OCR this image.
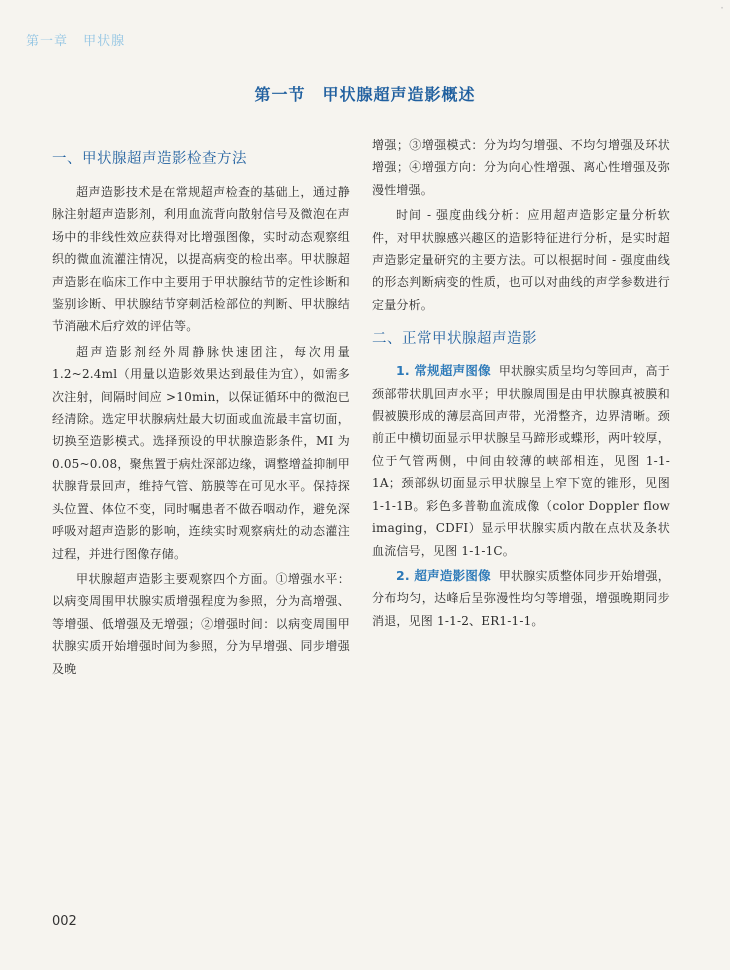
·
第一章 甲状腺
第一节　甲状腺超声造影概述
一、甲状腺超声造影检查方法

超声造影技术是在常规超声检查的基础上，通过静脉注射超声造影剂，利用血流背向散射信号及微泡在声场中的非线性效应获得对比增强图像，实时动态观察组织的微血流灌注情况，以提高病变的检出率。甲状腺超声造影在临床工作中主要用于甲状腺结节的定性诊断和鉴别诊断、甲状腺结节穿刺活检部位的判断、甲状腺结节消融术后疗效的评估等。

超声造影剂经外周静脉快速团注，每次用量 1.2~2.4ml（用量以造影效果达到最佳为宜），如需多次注射，间隔时间应 >10min，以保证循环中的微泡已经清除。选定甲状腺病灶最大切面或血流最丰富切面，切换至造影模式。选择预设的甲状腺造影条件，MI 为 0.05~0.08，聚焦置于病灶深部边缘，调整增益抑制甲状腺背景回声，维持气管、筋膜等在可见水平。保持探头位置、体位不变，同时嘱患者不做吞咽动作，避免深呼吸对超声造影的影响，连续实时观察病灶的动态灌注过程，并进行图像存储。

甲状腺超声造影主要观察四个方面。①增强水平：以病变周围甲状腺实质增强程度为参照，分为高增强、等增强、低增强及无增强；②增强时间：以病变周围甲状腺实质开始增强时间为参照，分为早增强、同步增强及晚

增强；③增强模式：分为均匀增强、不均匀增强及环状增强；④增强方向：分为向心性增强、离心性增强及弥漫性增强。

时间 - 强度曲线分析：应用超声造影定量分析软件，对甲状腺感兴趣区的造影特征进行分析，是实时超声造影定量研究的主要方法。可以根据时间 - 强度曲线的形态判断病变的性质，也可以对曲线的声学参数进行定量分析。

二、正常甲状腺超声造影

1. 常规超声图像 甲状腺实质呈均匀等回声，高于颈部带状肌回声水平；甲状腺周围是由甲状腺真被膜和假被膜形成的薄层高回声带，光滑整齐，边界清晰。颈前正中横切面显示甲状腺呈马蹄形或蝶形，两叶较厚，位于气管两侧，中间由较薄的峡部相连，见图 1-1-1A；颈部纵切面显示甲状腺呈上窄下宽的锥形，见图 1-1-1B。彩色多普勒血流成像（color Doppler flow imaging，CDFI）显示甲状腺实质内散在点状及条状血流信号，见图 1-1-1C。

2. 超声造影图像 甲状腺实质整体同步开始增强，分布均匀，达峰后呈弥漫性均匀等增强，增强晚期同步消退，见图 1-1-2、ER1-1-1。

002
